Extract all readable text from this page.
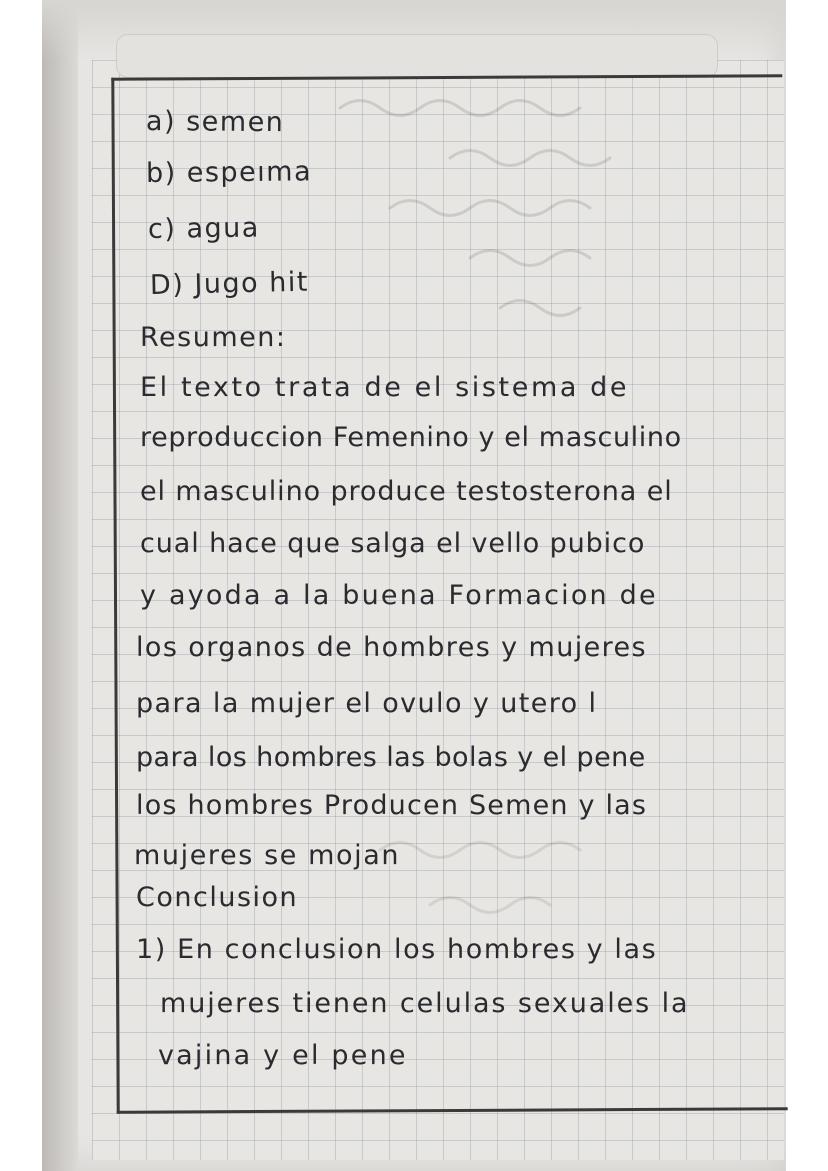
a) semen
b) espeıma
c) agua
D) Jugo hit
Resumen:
El texto trata de el sistema de
reproduccion Femenino y el masculino
el masculino produce testosterona el
cual hace que salga el vello pubico
y ayoda a la buena Formacion de
los organos de hombres y mujeres
para la mujer el ovulo y utero l
para los hombres las bolas y el pene
los hombres Producen Semen y las
mujeres se mojan
Conclusion
1) En conclusion los hombres y las
mujeres tienen celulas sexuales la
vajina y el pene
